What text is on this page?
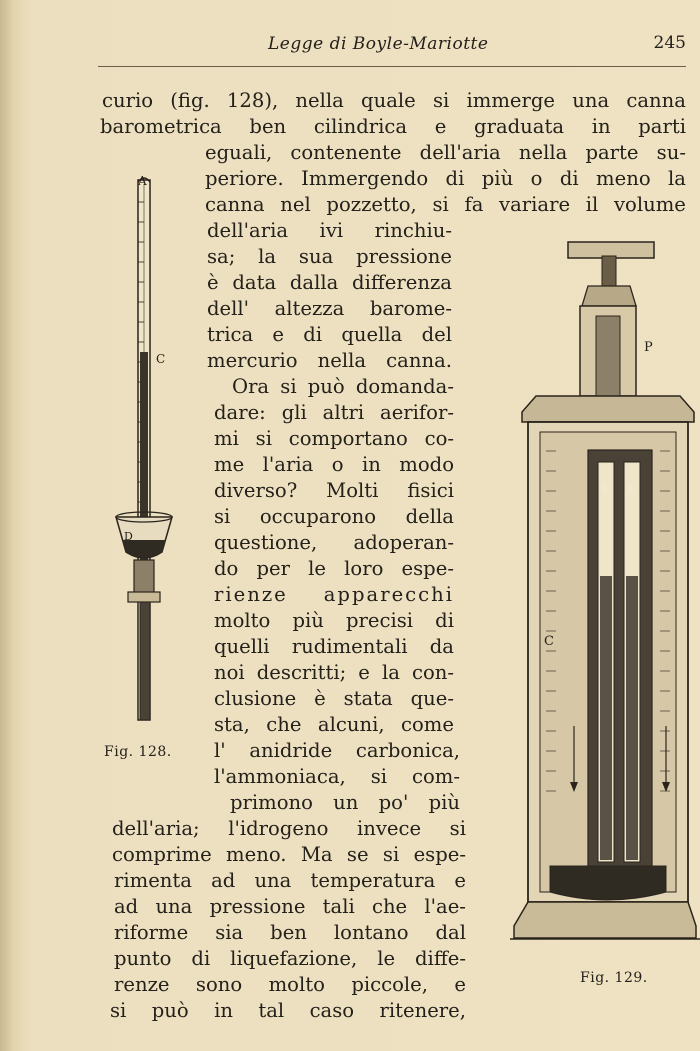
Legge di Boyle-Mariotte	245
curio (fig. 128), nella quale si immerge una canna
barometrica ben cilindrica e graduata in parti
eguali, contenente dell'aria nella parte su-
periore. Immergendo di più o di meno la
canna nel pozzetto, si fa variare il volume
dell'aria ivi rinchiu-
sa; la sua pressione
è data dalla differenza
dell' altezza barome-
trica e di quella del
mercurio nella canna.
Ora si può domanda-
dare: gli altri aerifor-
mi si comportano co-
me l'aria o in modo
diverso? Molti fisici
si occuparono della
questione, adoperan-
do per le loro espe-
rienze apparecchi
molto più precisi di
quelli rudimentali da
noi descritti; e la con-
clusione è stata que-
sta, che alcuni, come
l' anidride carbonica,
l'ammoniaca, si com-
primono un po' più
dell'aria; l'idrogeno invece si
comprime meno. Ma se si espe-
rimenta ad una temperatura e
ad una pressione tali che l'ae-
riforme sia ben lontano dal
punto di liquefazione, le diffe-
renze sono molto piccole, e
si può in tal caso ritenere,
A
C
D
Fig. 128.
P
C
E E
Fig. 129.
